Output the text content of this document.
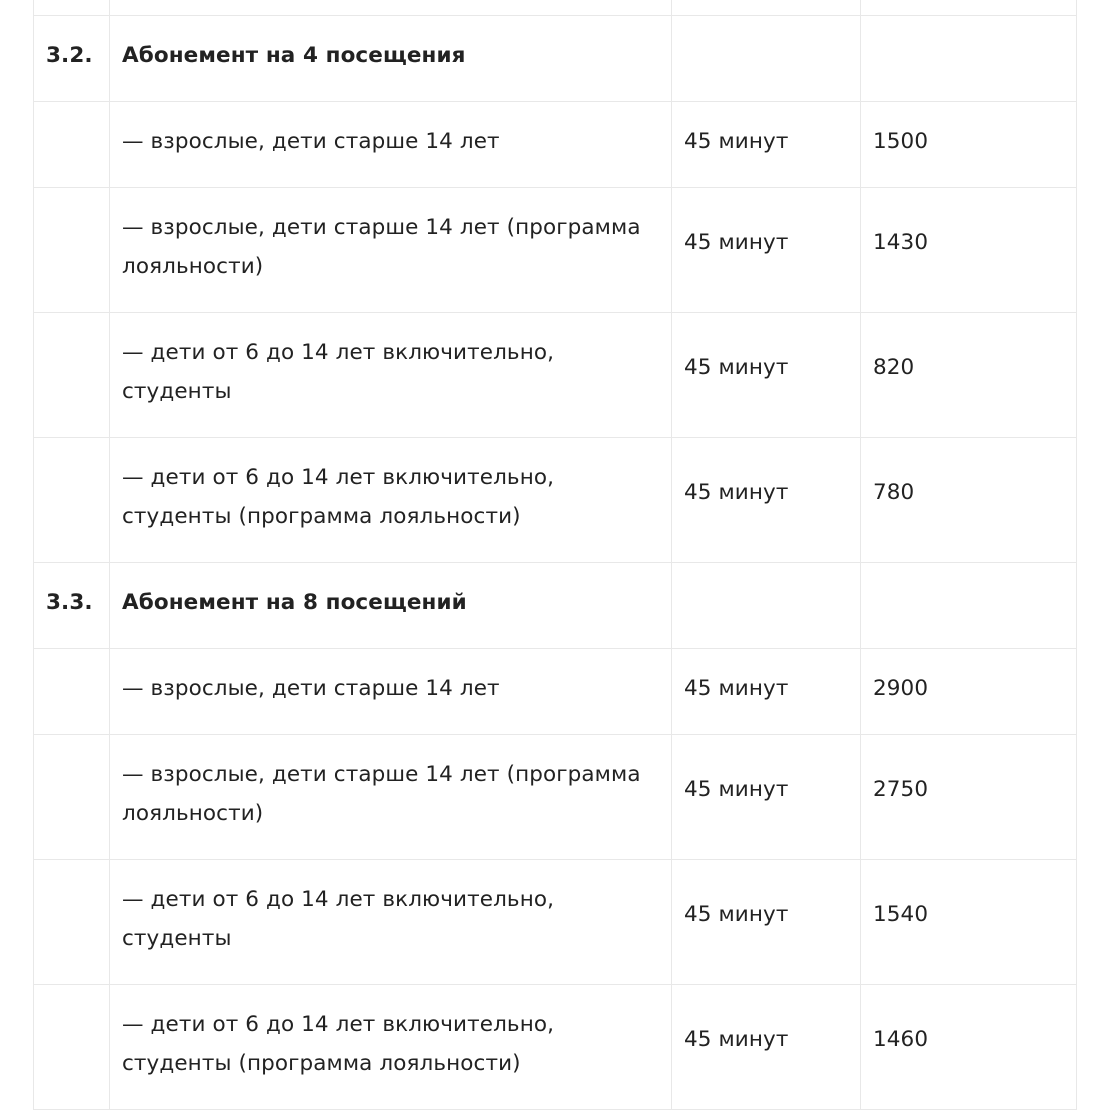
3.2.	Абонемент на 4 посещения		
	— взрослые, дети старше 14 лет	45 минут	1500
	— взрослые, дети старше 14 лет (программа лояльности)	45 минут	1430
	— дети от 6 до 14 лет включительно, студенты	45 минут	820
	— дети от 6 до 14 лет включительно, студенты (программа лояльности)	45 минут	780
3.3.	Абонемент на 8 посещений		
	— взрослые, дети старше 14 лет	45 минут	2900
	— взрослые, дети старше 14 лет (программа лояльности)	45 минут	2750
	— дети от 6 до 14 лет включительно, студенты	45 минут	1540
	— дети от 6 до 14 лет включительно, студенты (программа лояльности)	45 минут	1460
